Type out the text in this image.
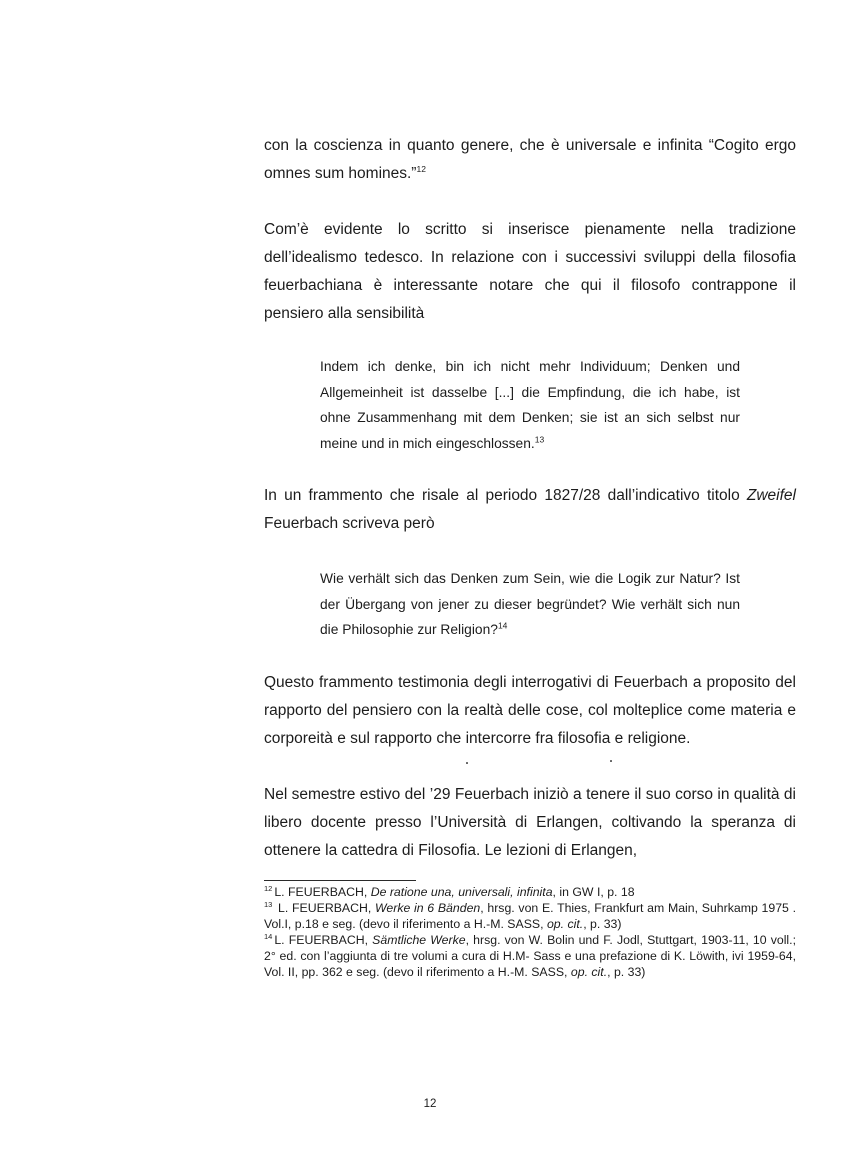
con la coscienza in quanto genere, che è universale e infinita “Cogito ergo omnes sum homines.”$^{12}$

Com’è evidente lo scritto si inserisce pienamente nella tradizione dell’idealismo tedesco. In relazione con i successivi sviluppi della filosofia feuerbachiana è interessante notare che qui il filosofo contrappone il pensiero alla sensibilità

Indem ich denke, bin ich nicht mehr Individuum; Denken und Allgemeinheit ist dasselbe [...] die Empfindung, die ich habe, ist ohne Zusammenhang mit dem Denken; sie ist an sich selbst nur meine und in mich eingeschlossen.$^{13}$

In un frammento che risale al periodo 1827/28 dall’indicativo titolo Zweifel Feuerbach scriveva però

Wie verhält sich das Denken zum Sein, wie die Logik zur Natur? Ist der Übergang von jener zu dieser begründet? Wie verhält sich nun die Philosophie zur Religion?$^{14}$

Questo frammento testimonia degli interrogativi di Feuerbach a proposito del rapporto del pensiero con la realtà delle cose, col molteplice come materia e corporeità e sul rapporto che intercorre fra filosofia e religione.

Nel semestre estivo del ’29 Feuerbach iniziò a tenere il suo corso in qualità di libero docente presso l’Università di Erlangen, coltivando la speranza di ottenere la cattedra di Filosofia. Le lezioni di Erlangen,

$^{12}$ L. FEUERBACH, De ratione una, universali, infinita, in GW I, p. 18

$^{13}$ L. FEUERBACH, Werke in 6 Bänden, hrsg. von E. Thies, Frankfurt am Main, Suhrkamp 1975 . Vol.I, p.18 e seg. (devo il riferimento a H.-M. SASS, op. cit., p. 33)

$^{14}$ L. FEUERBACH, Sämtliche Werke, hrsg. von W. Bolin und F. Jodl, Stuttgart, 1903-11, 10 voll.; 2° ed. con l’aggiunta di tre volumi a cura di H.M- Sass e una prefazione di K. Löwith, ivi 1959-64, Vol. II, pp. 362 e seg. (devo il riferimento a H.-M. SASS, op. cit., p. 33)

12
